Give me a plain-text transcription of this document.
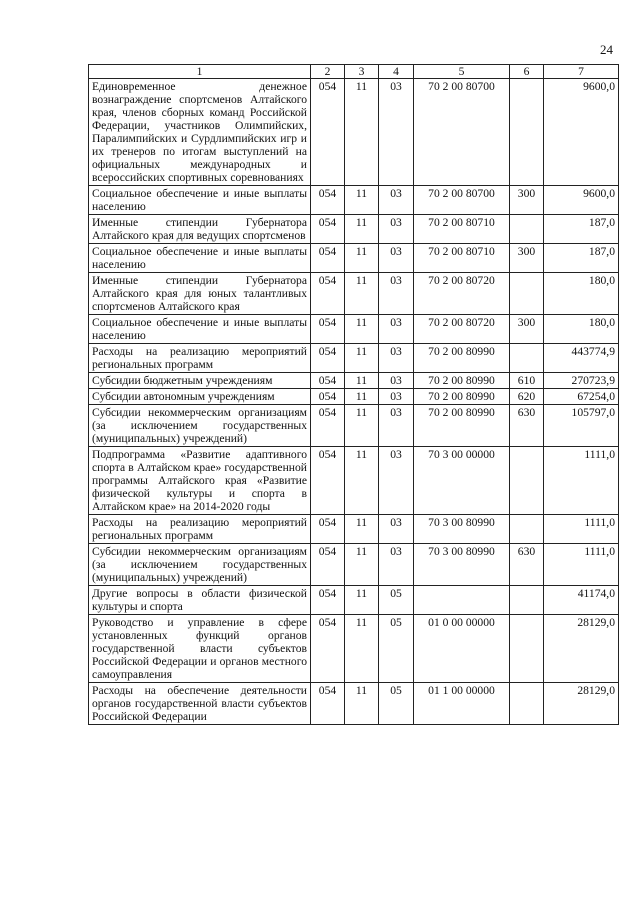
24
1	2	3	4	5	6	7
Единовременное денежное вознаграждение спортсменов Алтайского края, членов сборных команд Российской Федерации, участников Олимпийских, Паралимпийских и Сурдлимпийских игр и их тренеров по итогам выступлений на официальных международных и всероссийских спортивных соревнованиях	054	11	03	70 2 00 80700		9600,0
Социальное обеспечение и иные выплаты населению	054	11	03	70 2 00 80700	300	9600,0
Именные стипендии Губернатора Алтайского края для ведущих спортсменов	054	11	03	70 2 00 80710		187,0
Социальное обеспечение и иные выплаты населению	054	11	03	70 2 00 80710	300	187,0
Именные стипендии Губернатора Алтайского края для юных талантливых спортсменов Алтайского края	054	11	03	70 2 00 80720		180,0
Социальное обеспечение и иные выплаты населению	054	11	03	70 2 00 80720	300	180,0
Расходы на реализацию мероприятий региональных программ	054	11	03	70 2 00 80990		443774,9
Субсидии бюджетным учреждениям	054	11	03	70 2 00 80990	610	270723,9
Субсидии автономным учреждениям	054	11	03	70 2 00 80990	620	67254,0
Субсидии некоммерческим организациям (за исключением государственных (муниципальных) учреждений)	054	11	03	70 2 00 80990	630	105797,0
Подпрограмма «Развитие адаптивного спорта в Алтайском крае» государственной программы Алтайского края «Развитие физической культуры и спорта в Алтайском крае» на 2014-2020 годы	054	11	03	70 3 00 00000		1111,0
Расходы на реализацию мероприятий региональных программ	054	11	03	70 3 00 80990		1111,0
Субсидии некоммерческим организациям (за исключением государственных (муниципальных) учреждений)	054	11	03	70 3 00 80990	630	1111,0
Другие вопросы в области физической культуры и спорта	054	11	05			41174,0
Руководство и управление в сфере установленных функций органов государственной власти субъектов Российской Федерации и органов местного самоуправления	054	11	05	01 0 00 00000		28129,0
Расходы на обеспечение деятельности органов государственной власти субъектов Российской Федерации	054	11	05	01 1 00 00000		28129,0
